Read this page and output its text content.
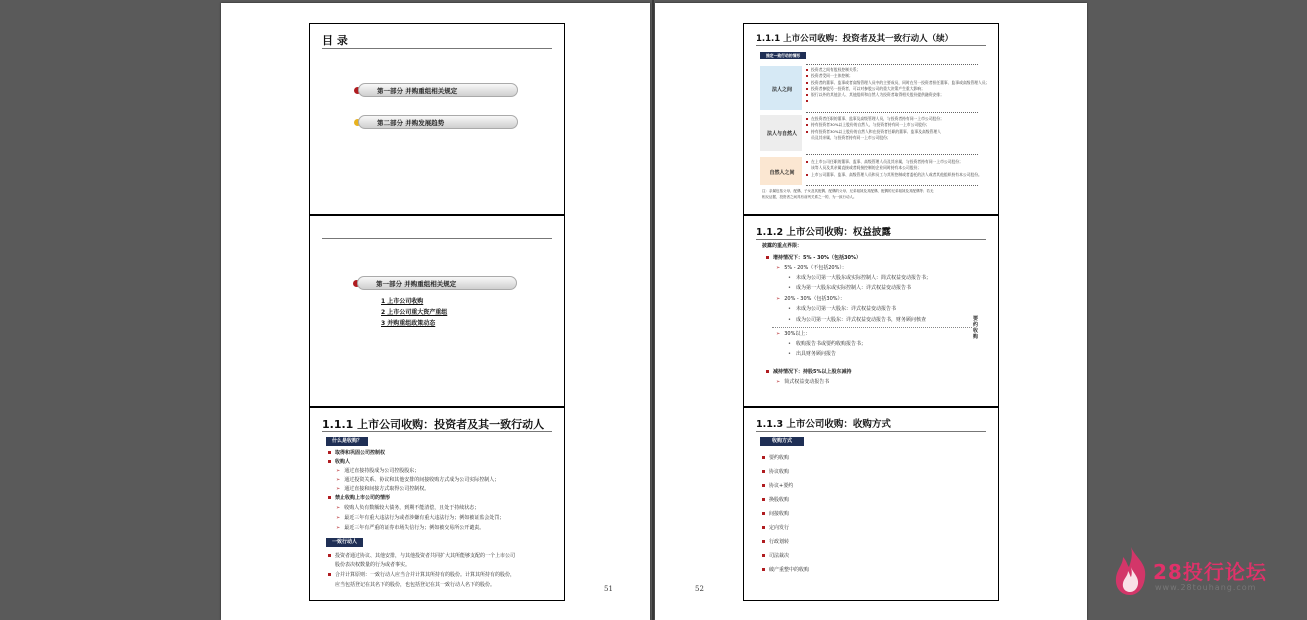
目 录
第一部分 并购重组相关规定
第二部分 并购发展趋势
第一部分 并购重组相关规定
1 上市公司收购
2 上市公司重大资产重组
3 并购重组政策动态
1.1.1 上市公司收购：投资者及其一致行动人
什么是收购？
取得和巩固公司控制权
收购人
➢ 通过直接持股成为公司控股股东；
➢ 通过投资关系、协议和其他安排的间接收购方式成为公司实际控制人；
➢ 通过直接和间接方式取得公司控制权。
禁止收购上市公司的情形
➢ 收购人负有数额较大债务，到期不能清偿，且处于持续状态；
➢ 最近三年有重大违法行为或者涉嫌有重大违法行为；例如被证监会处罚；
➢ 最近三年有严重的证券市场失信行为；例如被交易所公开谴责。
一致行动人
投资者通过协议、其他安排，与其他投资者共同扩大其所能够支配的一个上市公司
股份表决权数量的行为或者事实。
合并计算原则：一致行动人应当合并计算其所持有的股份。计算其所持有的股份，
应当包括登记在其名下的股份，也包括登记在其一致行动人名下的股份。	51
1.1.1 上市公司收购：投资者及其一致行动人（续）
推定一致行动的情形
法人之间
投资者之间有股权控制关系；
投资者受同一主体控制；
投资者的董事、监事或者高级管理人员中的主要成员，同时在另一投资者担任董事、监事或高级管理人员；
投资者参股另一投资者，可以对参股公司的重大决策产生重大影响；
银行以外的其他法人、其他组织和自然人为投资者取得相关股份提供融资安排；
法人与自然人
在投资者任职的董事、监事及高级管理人员，与投资者持有同一上市公司股份；
持有投资者30%以上股份的自然人，与投资者持有同一上市公司股份；
持有投资者30%以上股份的自然人和在投资者任职的董事、监事及高级管理人
员及其亲属，与投资者持有同一上市公司股份；
自然人之间
在上市公司任职的董事、监事、高级管理人员及其亲属，与投资者持有同一上市公司股份；
该等人员及其亲属直接或者间接控制的企业同时持有本公司股份；
上市公司董事、监事、高级管理人员和员工与其所控制或者委托的法人或者其他组织持有本公司股份。
注：亲属包括父母、配偶、子女及其配偶、配偶的父母、兄弟姐妹及其配偶、配偶的兄弟姐妹及其配偶等；若无
相反证据，投资者之间具有前列关系之一的，为一致行动人。
1.1.2 上市公司收购：权益披露
披露的重点界限：
增持情况下：5% - 30%（包括30%）
➢ 5% - 20%（不包括20%）：
• 未成为公司第一大股东或实际控制人：简式权益变动报告书；
• 成为第一大股东或实际控制人：详式权益变动报告书
➢ 20% - 30%（包括30%）：
• 未成为公司第一大股东：详式权益变动报告书
• 成为公司第一大股东：详式权益变动报告书，财务顾问核查	要约收购
➢ 30%以上：
• 收购报告书或要约收购报告书；
• 出具财务顾问报告
减持情况下：持股5%以上股东减持
➢ 简式权益变动报告书
1.1.3 上市公司收购：收购方式
收购方式
要约收购
协议收购
协议+要约
换股收购
间接收购
定向发行
行政划转
司法裁决
破产重整中的收购
52
28投行论坛
www.28touhang.com
